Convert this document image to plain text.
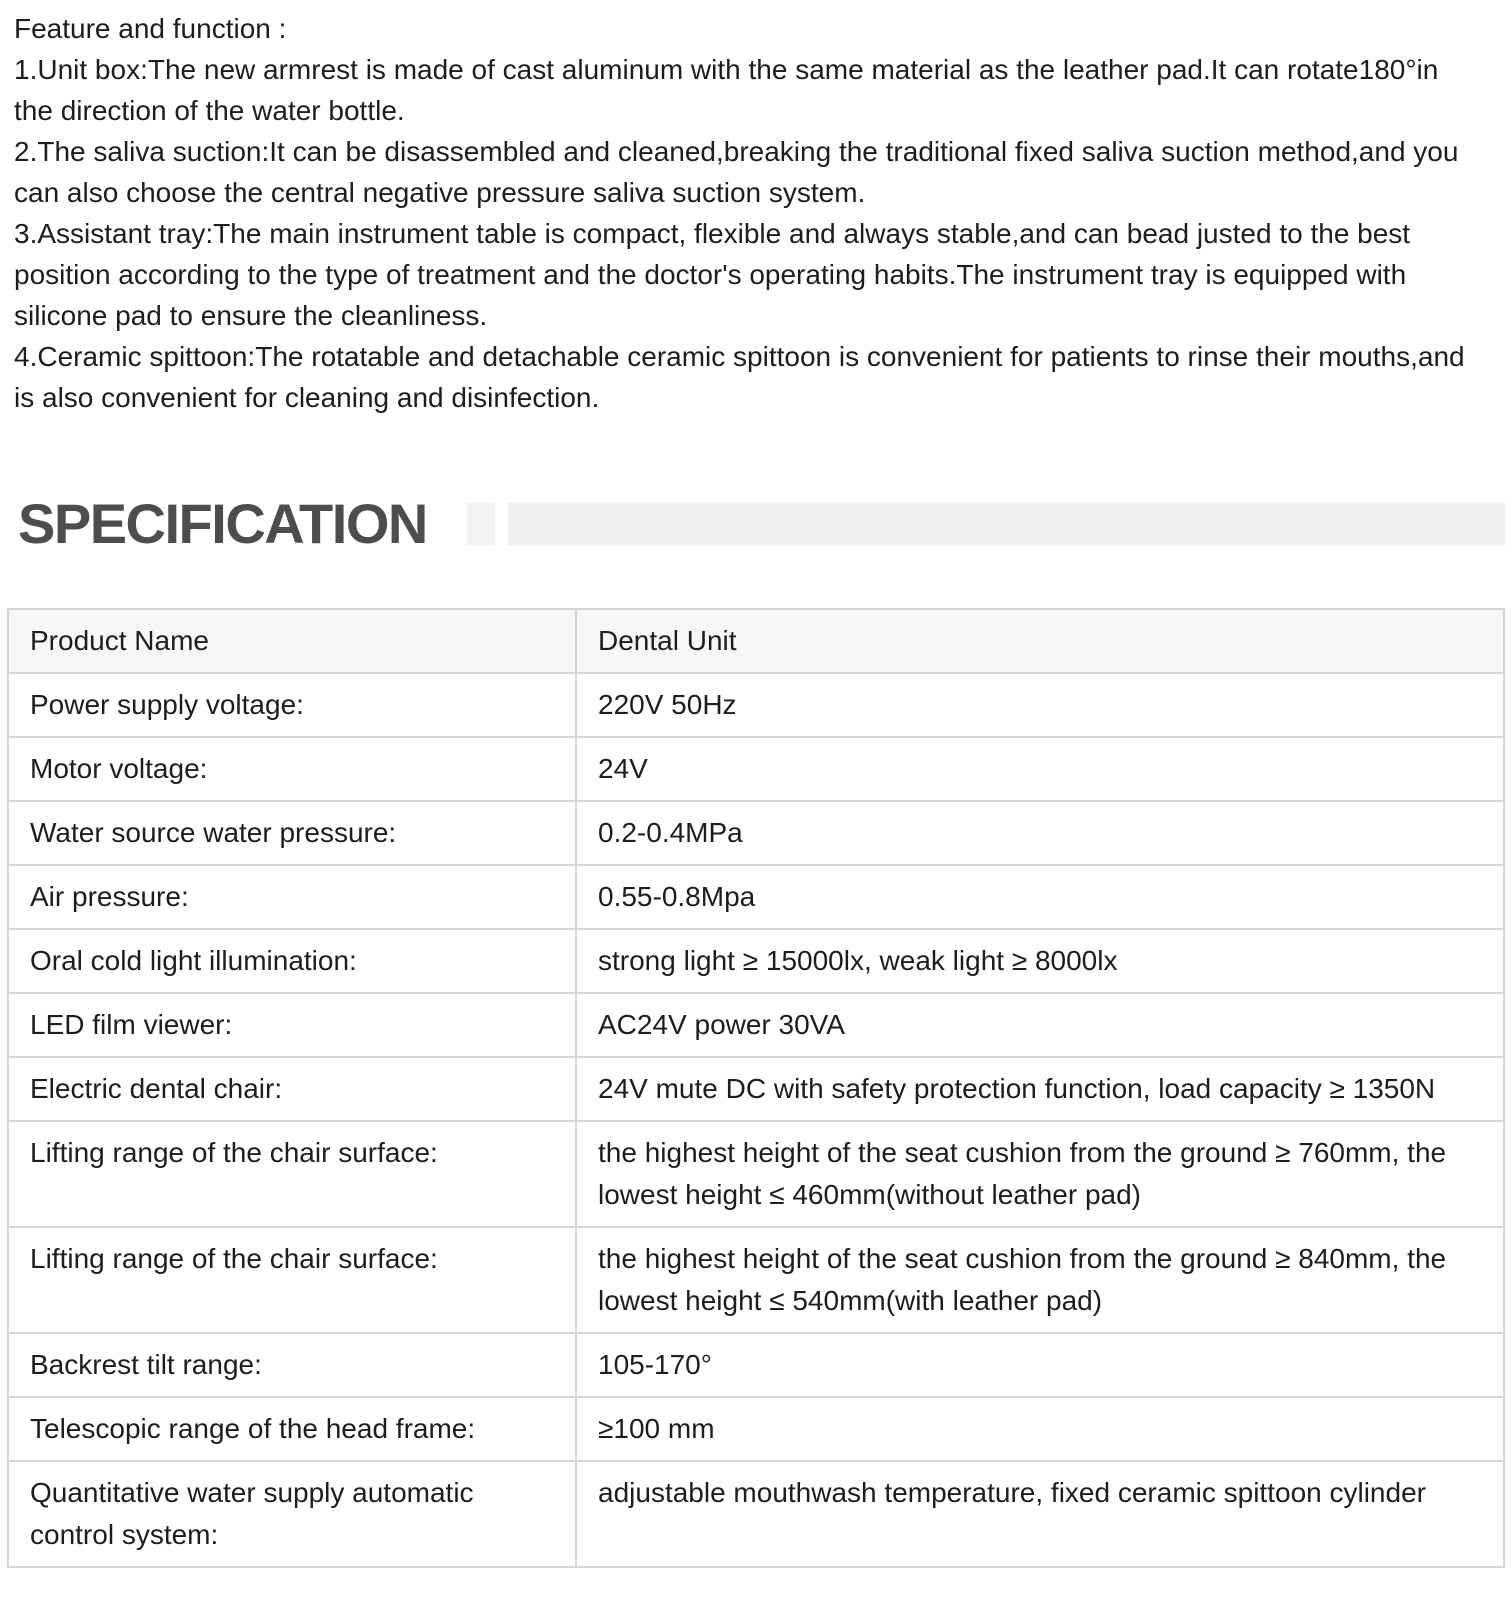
Feature and function :

1.Unit box:The new armrest is made of cast aluminum with the same material as the leather pad.It can rotate180°in the direction of the water bottle.

2.The saliva suction:It can be disassembled and cleaned,breaking the traditional fixed saliva suction method,and you can also choose the central negative pressure saliva suction system.

3.Assistant tray:The main instrument table is compact, flexible and always stable,and can bead justed to the best position according to the type of treatment and the doctor's operating habits.The instrument tray is equipped with silicone pad to ensure the cleanliness.

4.Ceramic spittoon:The rotatable and detachable ceramic spittoon is convenient for patients to rinse their mouths,and is also convenient for cleaning and disinfection.

SPECIFICATION
Product Name	Dental Unit
Power supply voltage:	220V 50Hz
Motor voltage:	24V
Water source water pressure:	0.2-0.4MPa
Air pressure:	0.55-0.8Mpa
Oral cold light illumination:	strong light ≥ 15000lx, weak light ≥ 8000lx
LED film viewer:	AC24V power 30VA
Electric dental chair:	24V mute DC with safety protection function, load capacity ≥ 1350N
Lifting range of the chair surface:	the highest height of the seat cushion from the ground ≥ 760mm, the lowest height ≤ 460mm(without leather pad)
Lifting range of the chair surface:	the highest height of the seat cushion from the ground ≥ 840mm, the lowest height ≤ 540mm(with leather pad)
Backrest tilt range:	105-170°
Telescopic range of the head frame:	≥100 mm
Quantitative water supply automatic control system:	adjustable mouthwash temperature, fixed ceramic spittoon cylinder
